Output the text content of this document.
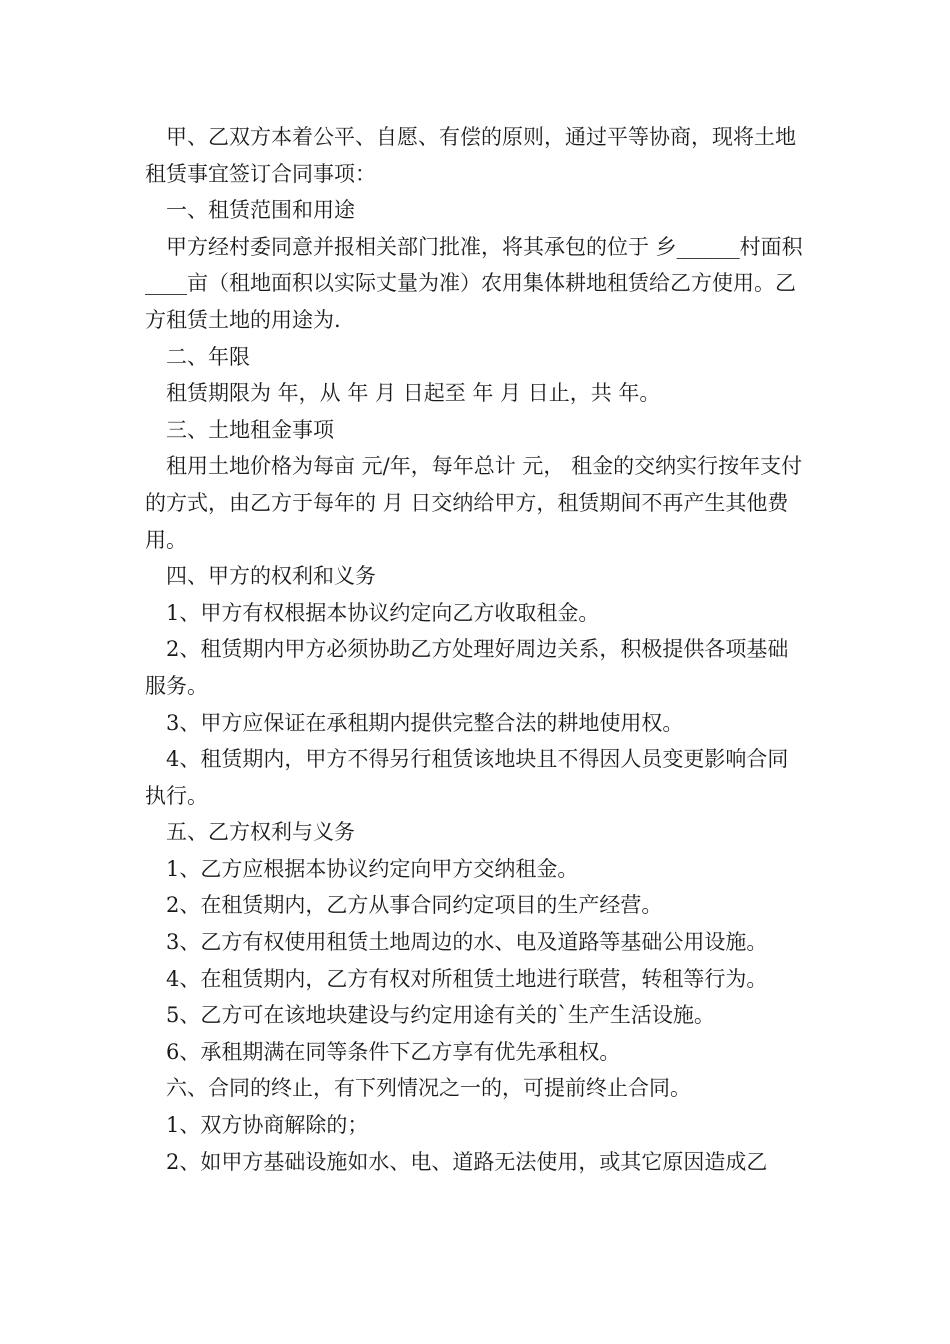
甲、乙双方本着公平、自愿、有偿的原则，通过平等协商，现将土地租赁事宜签订合同事项：

一、租赁范围和用途

甲方经村委同意并报相关部门批准，将其承包的位于 乡______村面积____亩（租地面积以实际丈量为准）农用集体耕地租赁给乙方使用。乙方租赁土地的用途为.

二、年限

租赁期限为 年，从 年 月 日起至 年 月 日止，共 年。

三、土地租金事项

租用土地价格为每亩 元/年，每年总计 元， 租金的交纳实行按年支付的方式，由乙方于每年的 月 日交纳给甲方，租赁期间不再产生其他费用。

四、甲方的权利和义务

1、甲方有权根据本协议约定向乙方收取租金。

2、租赁期内甲方必须协助乙方处理好周边关系，积极提供各项基础服务。

3、甲方应保证在承租期内提供完整合法的耕地使用权。

4、租赁期内，甲方不得另行租赁该地块且不得因人员变更影响合同执行。

五、乙方权利与义务

1、乙方应根据本协议约定向甲方交纳租金。

2、在租赁期内，乙方从事合同约定项目的生产经营。

3、乙方有权使用租赁土地周边的水、电及道路等基础公用设施。

4、在租赁期内，乙方有权对所租赁土地进行联营，转租等行为。

5、乙方可在该地块建设与约定用途有关的`生产生活设施。

6、承租期满在同等条件下乙方享有优先承租权。

六、合同的终止，有下列情况之一的，可提前终止合同。

1、双方协商解除的；

2、如甲方基础设施如水、电、道路无法使用，或其它原因造成乙
